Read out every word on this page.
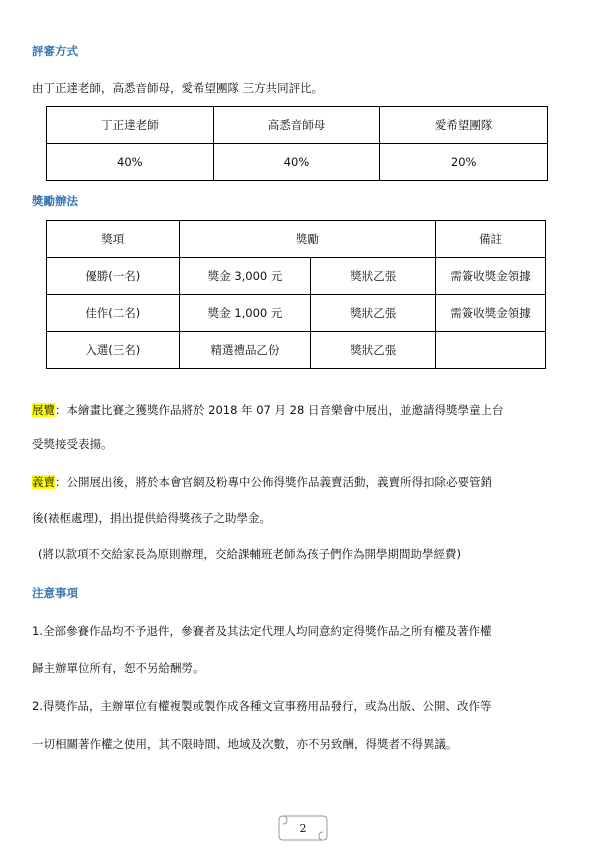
評審方式
由丁正達老師，高悉音師母，愛希望團隊 三方共同評比。
丁正達老師	高悉音師母	愛希望團隊
40%	40%	20%
獎勵辦法
獎項	獎勵		備註
優勝(一名)	獎金 3,000 元	獎狀乙張	需簽收獎金領據
佳作(二名)	獎金 1,000 元	獎狀乙張	需簽收獎金領據
入選(三名)	精選禮品乙份	獎狀乙張	
展覽：本繪畫比賽之獲獎作品將於 2018 年 07 月 28 日音樂會中展出，並邀請得獎學童上台
受獎接受表揚。
義賣：公開展出後，將於本會官網及粉專中公佈得獎作品義賣活動，義賣所得扣除必要管銷
後(裱框處理)，捐出提供給得獎孩子之助學金。
(將以款項不交給家長為原則辦理，交給課輔班老師為孩子們作為開學期間助學經費)
注意事項
1.全部參賽作品均不予退件，參賽者及其法定代理人均同意約定得獎作品之所有權及著作權
歸主辦單位所有，恕不另給酬勞。
2.得獎作品，主辦單位有權複製或製作成各種文宣事務用品發行，或為出版、公開、改作等
一切相關著作權之使用，其不限時間、地域及次數，亦不另致酬，得獎者不得異議。
2
